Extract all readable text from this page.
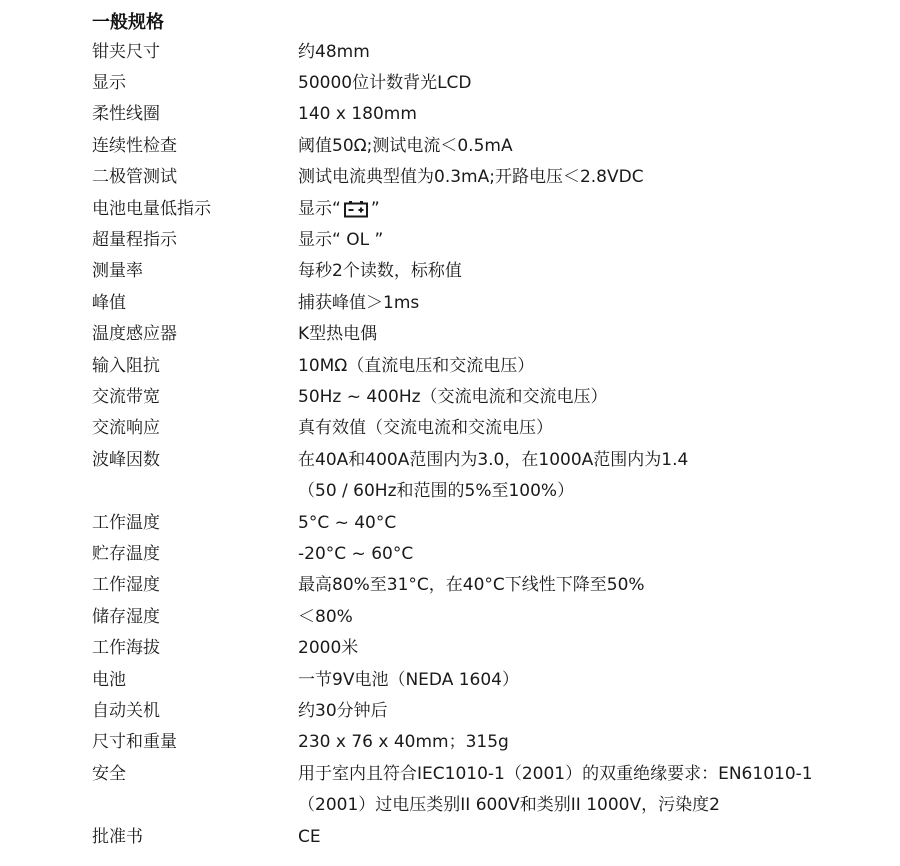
一般规格
钳夹尺寸	约48mm
显示	50000位计数背光LCD
柔性线圈	140 x 180mm
连续性检查	阈值50Ω;测试电流＜0.5mA
二极管测试	测试电流典型值为0.3mA;开路电压＜2.8VDC
电池电量低指示	显示“ ”
超量程指示	显示“ OL ”
测量率	每秒2个读数，标称值
峰值	捕获峰值＞1ms
温度感应器	K型热电偶
输入阻抗	10MΩ（直流电压和交流电压）
交流带宽	50Hz ~ 400Hz（交流电流和交流电压）
交流响应	真有效值（交流电流和交流电压）
波峰因数	在40A和400A范围内为3.0，在1000A范围内为1.4
（50 / 60Hz和范围的5%至100%）
工作温度	5°C ~ 40°C
贮存温度	-20°C ~ 60°C
工作湿度	最高80%至31°C，在40°C下线性下降至50%
储存湿度	＜80%
工作海拔	2000米
电池	一节9V电池（NEDA 1604）
自动关机	约30分钟后
尺寸和重量	230 x 76 x 40mm；315g
安全	用于室内且符合IEC1010-1（2001）的双重绝缘要求：EN61010-1
（2001）过电压类别II 600V和类别II 1000V，污染度2
批准书	CE
